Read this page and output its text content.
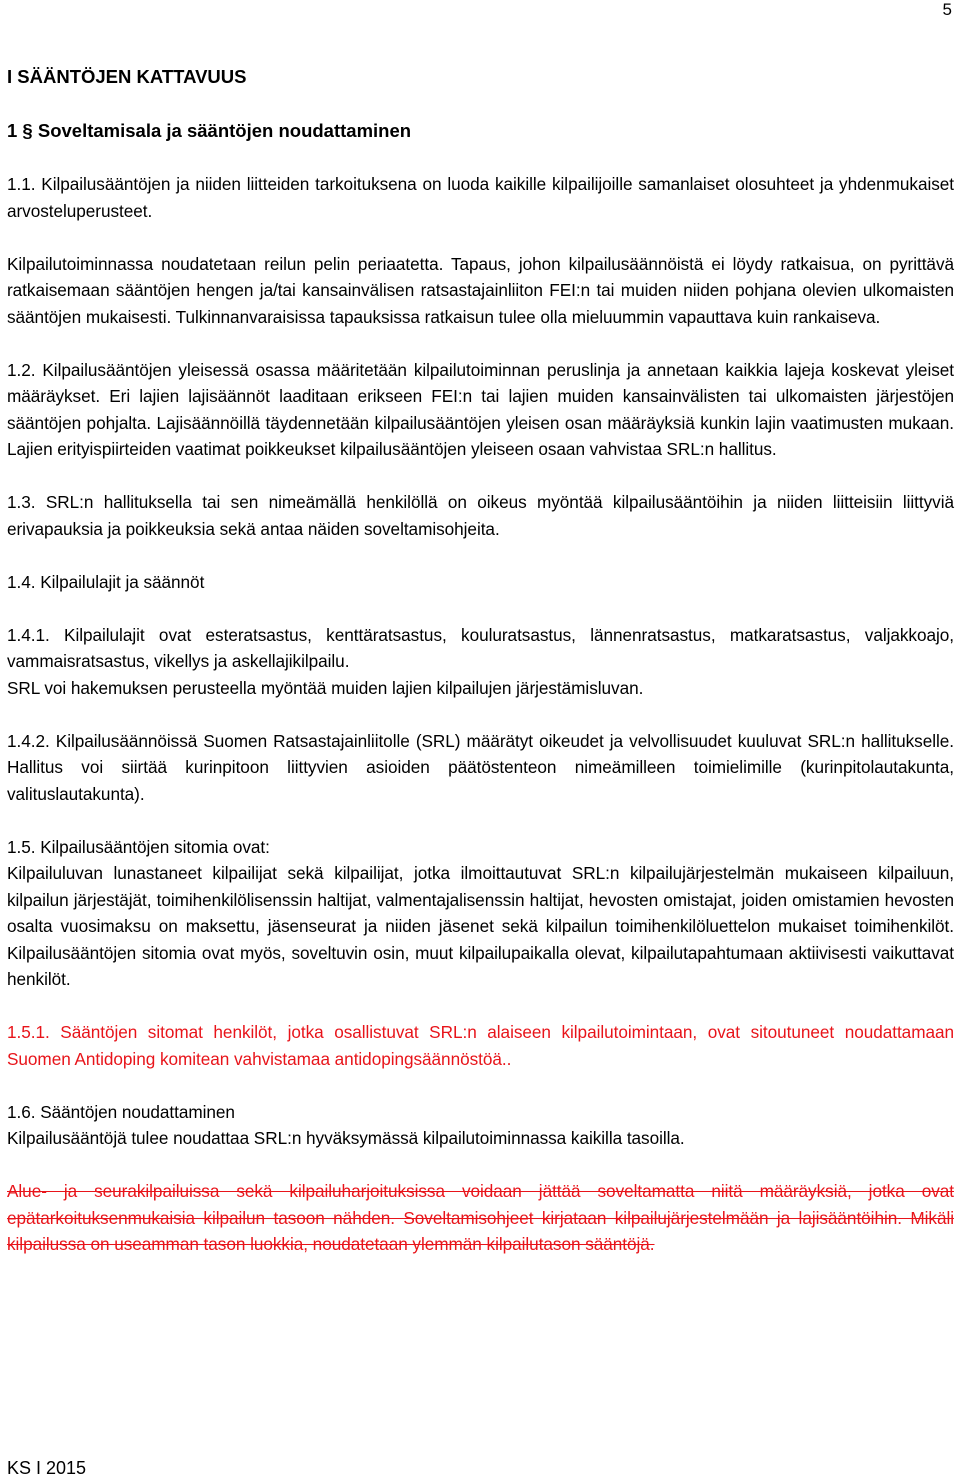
5
I SÄÄNTÖJEN KATTAVUUS
1 § Soveltamisala ja sääntöjen noudattaminen

1.1. Kilpailusääntöjen ja niiden liitteiden tarkoituksena on luoda kaikille kilpailijoille samanlaiset olosuhteet ja yhdenmukaiset arvosteluperusteet.

Kilpailutoiminnassa noudatetaan reilun pelin periaatetta. Tapaus, johon kilpailusäännöistä ei löydy ratkaisua, on pyrittävä ratkaisemaan sääntöjen hengen ja/tai kansainvälisen ratsastajainliiton FEI:n tai muiden niiden pohjana olevien ulkomaisten sääntöjen mukaisesti. Tulkinnanvaraisissa tapauksissa ratkaisun tulee olla mieluummin vapauttava kuin rankaiseva.

1.2. Kilpailusääntöjen yleisessä osassa määritetään kilpailutoiminnan peruslinja ja annetaan kaikkia lajeja koskevat yleiset määräykset. Eri lajien lajisäännöt laaditaan erikseen FEI:n tai lajien muiden kansainvälisten tai ulkomaisten järjestöjen sääntöjen pohjalta. Lajisäännöillä täydennetään kilpailusääntöjen yleisen osan määräyksiä kunkin lajin vaatimusten mukaan. Lajien erityispiirteiden vaatimat poikkeukset kilpailusääntöjen yleiseen osaan vahvistaa SRL:n hallitus.

1.3. SRL:n hallituksella tai sen nimeämällä henkilöllä on oikeus myöntää kilpailusääntöihin ja niiden liitteisiin liittyviä erivapauksia ja poikkeuksia sekä antaa näiden soveltamisohjeita.

1.4. Kilpailulajit ja säännöt

1.4.1. Kilpailulajit ovat esteratsastus, kenttäratsastus, kouluratsastus, lännenratsastus, matkaratsastus, valjakkoajo, vammaisratsastus, vikellys ja askellajikilpailu.
SRL voi hakemuksen perusteella myöntää muiden lajien kilpailujen järjestämisluvan.

1.4.2. Kilpailusäännöissä Suomen Ratsastajainliitolle (SRL) määrätyt oikeudet ja velvollisuudet kuuluvat SRL:n hallitukselle. Hallitus voi siirtää kurinpitoon liittyvien asioiden päätöstenteon nimeämilleen toimielimille (kurinpitolautakunta, valituslautakunta).

1.5. Kilpailusääntöjen sitomia ovat:
Kilpailuluvan lunastaneet kilpailijat sekä kilpailijat, jotka ilmoittautuvat SRL:n kilpailujärjestelmän mukaiseen kilpailuun, kilpailun järjestäjät, toimihenkilölisenssin haltijat, valmentajalisenssin haltijat, hevosten omistajat, joiden omistamien hevosten osalta vuosimaksu on maksettu, jäsenseurat ja niiden jäsenet sekä kilpailun toimihenkilöluettelon mukaiset toimihenkilöt. Kilpailusääntöjen sitomia ovat myös, soveltuvin osin, muut kilpailupaikalla olevat, kilpailutapahtumaan aktiivisesti vaikuttavat henkilöt.

1.5.1. Sääntöjen sitomat henkilöt, jotka osallistuvat SRL:n alaiseen kilpailutoimintaan, ovat sitoutuneet noudattamaan Suomen Antidoping komitean vahvistamaa antidopingsäännöstöä..

1.6. Sääntöjen noudattaminen
Kilpailusääntöjä tulee noudattaa SRL:n hyväksymässä kilpailutoiminnassa kaikilla tasoilla.

Alue- ja seurakilpailuissa sekä kilpailuharjoituksissa voidaan jättää soveltamatta niitä määräyksiä, jotka ovat epätarkoituksenmukaisia kilpailun tasoon nähden. Soveltamisohjeet kirjataan kilpailujärjestelmään ja lajisääntöihin. Mikäli kilpailussa on useamman tason luokkia, noudatetaan ylemmän kilpailutason sääntöjä.

KS I 2015
